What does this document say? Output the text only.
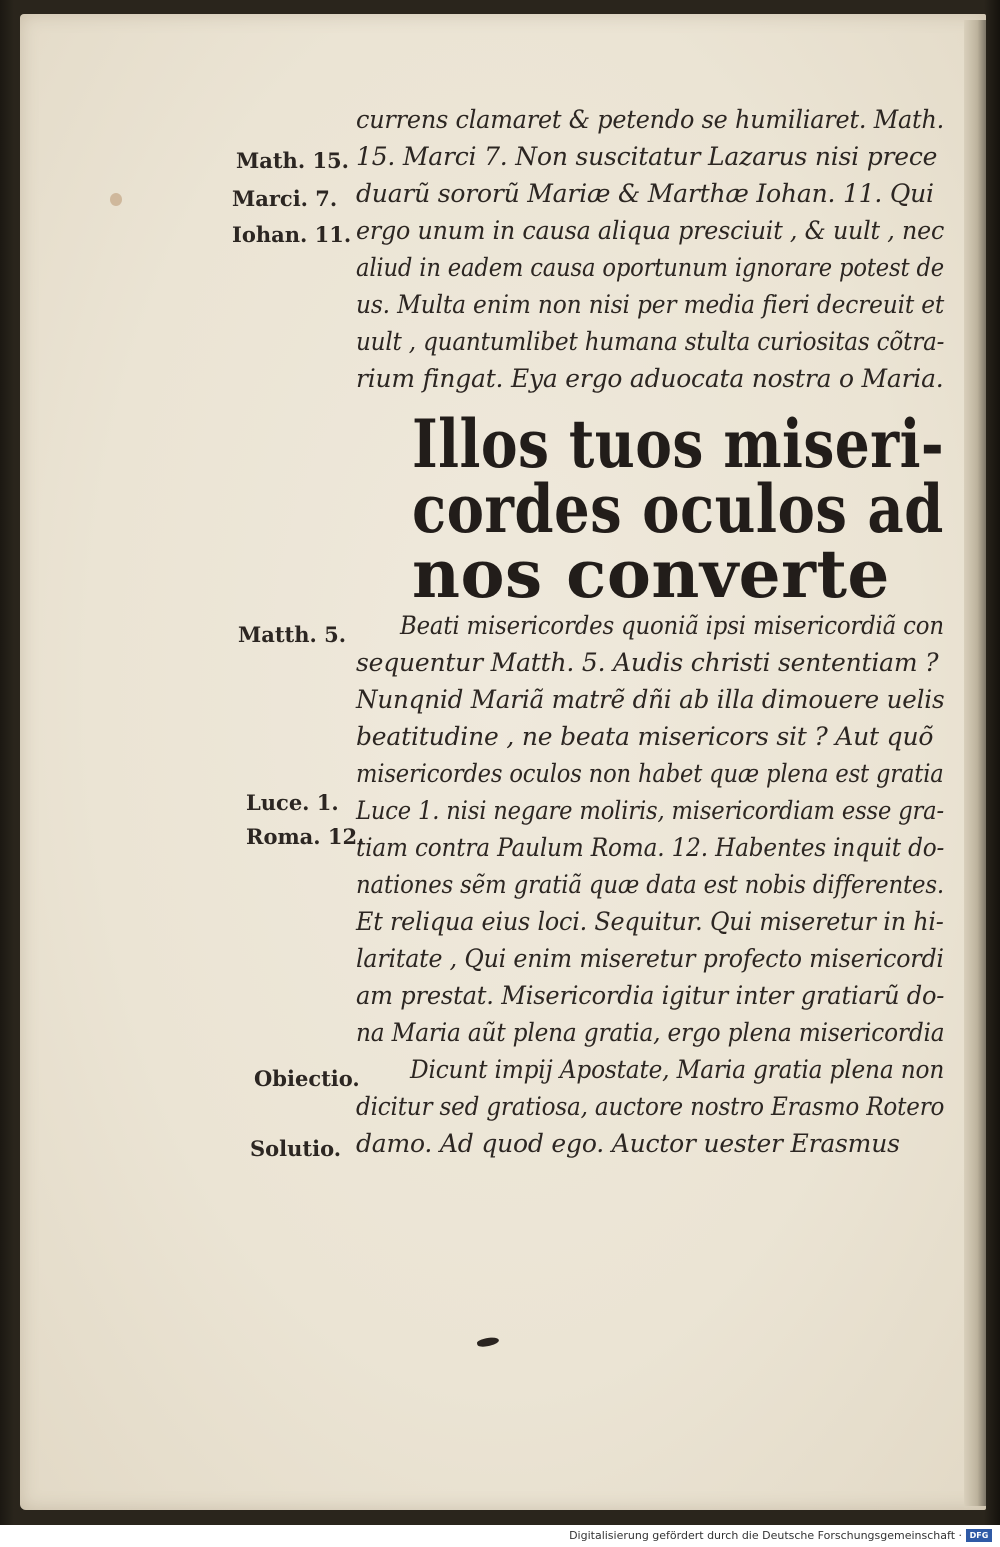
currens clamaret & petendo se humiliaret. Math.
15. Marci 7. Non suscitatur Lazarus nisi prece
duarũ sororũ Mariæ & Marthæ Iohan. 11. Qui
ergo unum in causa aliqua presciuit , & uult , nec
aliud in eadem causa oportunum ignorare potest de
us. Multa enim non nisi per media fieri decreuit et
uult , quantumlibet humana stulta curiositas cõtra-
rium fingat. Eya ergo aduocata nostra o Maria.
Illos tuos miseri-
cordes oculos ad
nos converte
Beati misericordes quoniã ipsi misericordiã con
sequentur Matth. 5. Audis christi sententiam ?
Nunqnid Mariã matrẽ dñi ab illa dimouere uelis
beatitudine , ne beata misericors sit ? Aut quõ
misericordes oculos non habet quæ plena est gratia
Luce 1. nisi negare moliris, misericordiam esse gra-
tiam contra Paulum Roma. 12. Habentes inquit do-
nationes sẽm gratiã quæ data est nobis differentes.
Et reliqua eius loci. Sequitur. Qui miseretur in hi-
laritate , Qui enim miseretur profecto misericordi
am prestat. Misericordia igitur inter gratiarũ do-
na Maria aũt plena gratia, ergo plena misericordia
Dicunt impij Apostate, Maria gratia plena non
dicitur sed gratiosa, auctore nostro Erasmo Rotero
damo. Ad quod ego. Auctor uester Erasmus
Math. 15.
Marci. 7.
Iohan. 11.
Matth. 5.
Luce. 1.
Roma. 12.
Obiectio.
Solutio.
Digitalisierung gefördert durch die Deutsche Forschungsgemeinschaft · DFG
